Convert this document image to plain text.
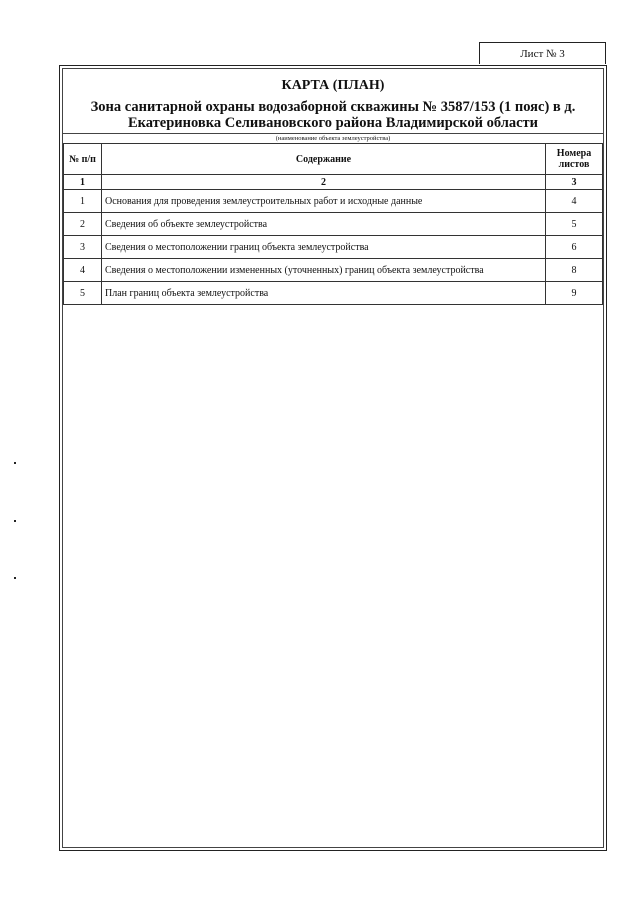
Лист № 3

КАРТА (ПЛАН)

Зона санитарной охраны водозаборной скважины № 3587/153 (1 пояс) в д.

Екатериновка Селивановского района Владимирской области

(наименование объекта землеустройства)
№ п/п	Содержание	Номера листов
1	2	3
1	Основания для проведения землеустроительных работ и исходные данные	4
2	Сведения об объекте землеустройства	5
3	Сведения о местоположении границ объекта землеустройства	6
4	Сведения о местоположении измененных (уточненных) границ объекта землеустройства	8
5	План границ объекта землеустройства	9
